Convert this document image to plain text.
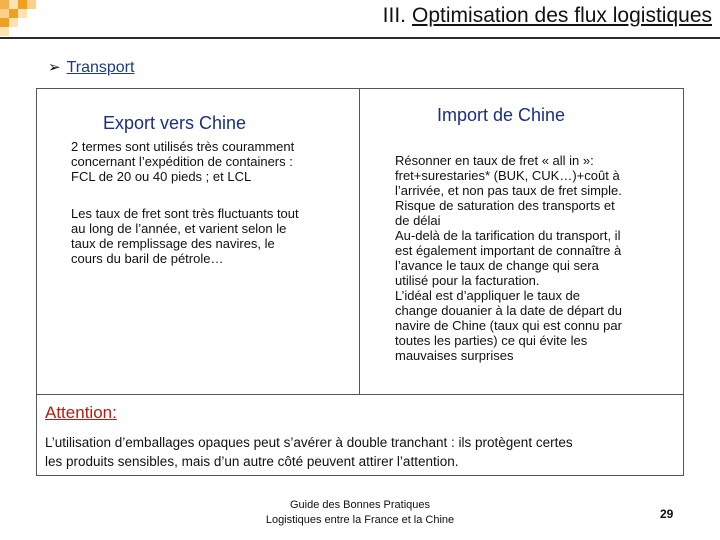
III. Optimisation des flux logistiques
➢ Transport
Export vers Chine
2 termes sont utilisés très couramment
concernant l’expédition de containers :
FCL de 20 ou 40 pieds ; et LCL
Les taux de fret sont très fluctuants tout
au long de l’année, et varient selon le
taux de remplissage des navires, le
cours du baril de pétrole…
Import de Chine
Résonner en taux de fret « all in »:
fret+surestaries* (BUK, CUK…)+coût à
l’arrivée, et non pas taux de fret simple.
Risque de saturation des transports et
de délai
Au-delà de la tarification du transport, il
est également important de connaître à
l’avance le taux de change qui sera
utilisé pour la facturation.
L’idéal est d’appliquer le taux de
change douanier à la date de départ du
navire de Chine (taux qui est connu par
toutes les parties) ce qui évite les
mauvaises surprises
Attention:
L’utilisation d’emballages opaques peut s’avérer à double tranchant : ils protègent certes
les produits sensibles, mais d’un autre côté peuvent attirer l’attention.
Guide des Bonnes Pratiques
Logistiques entre la France et la Chine	29
